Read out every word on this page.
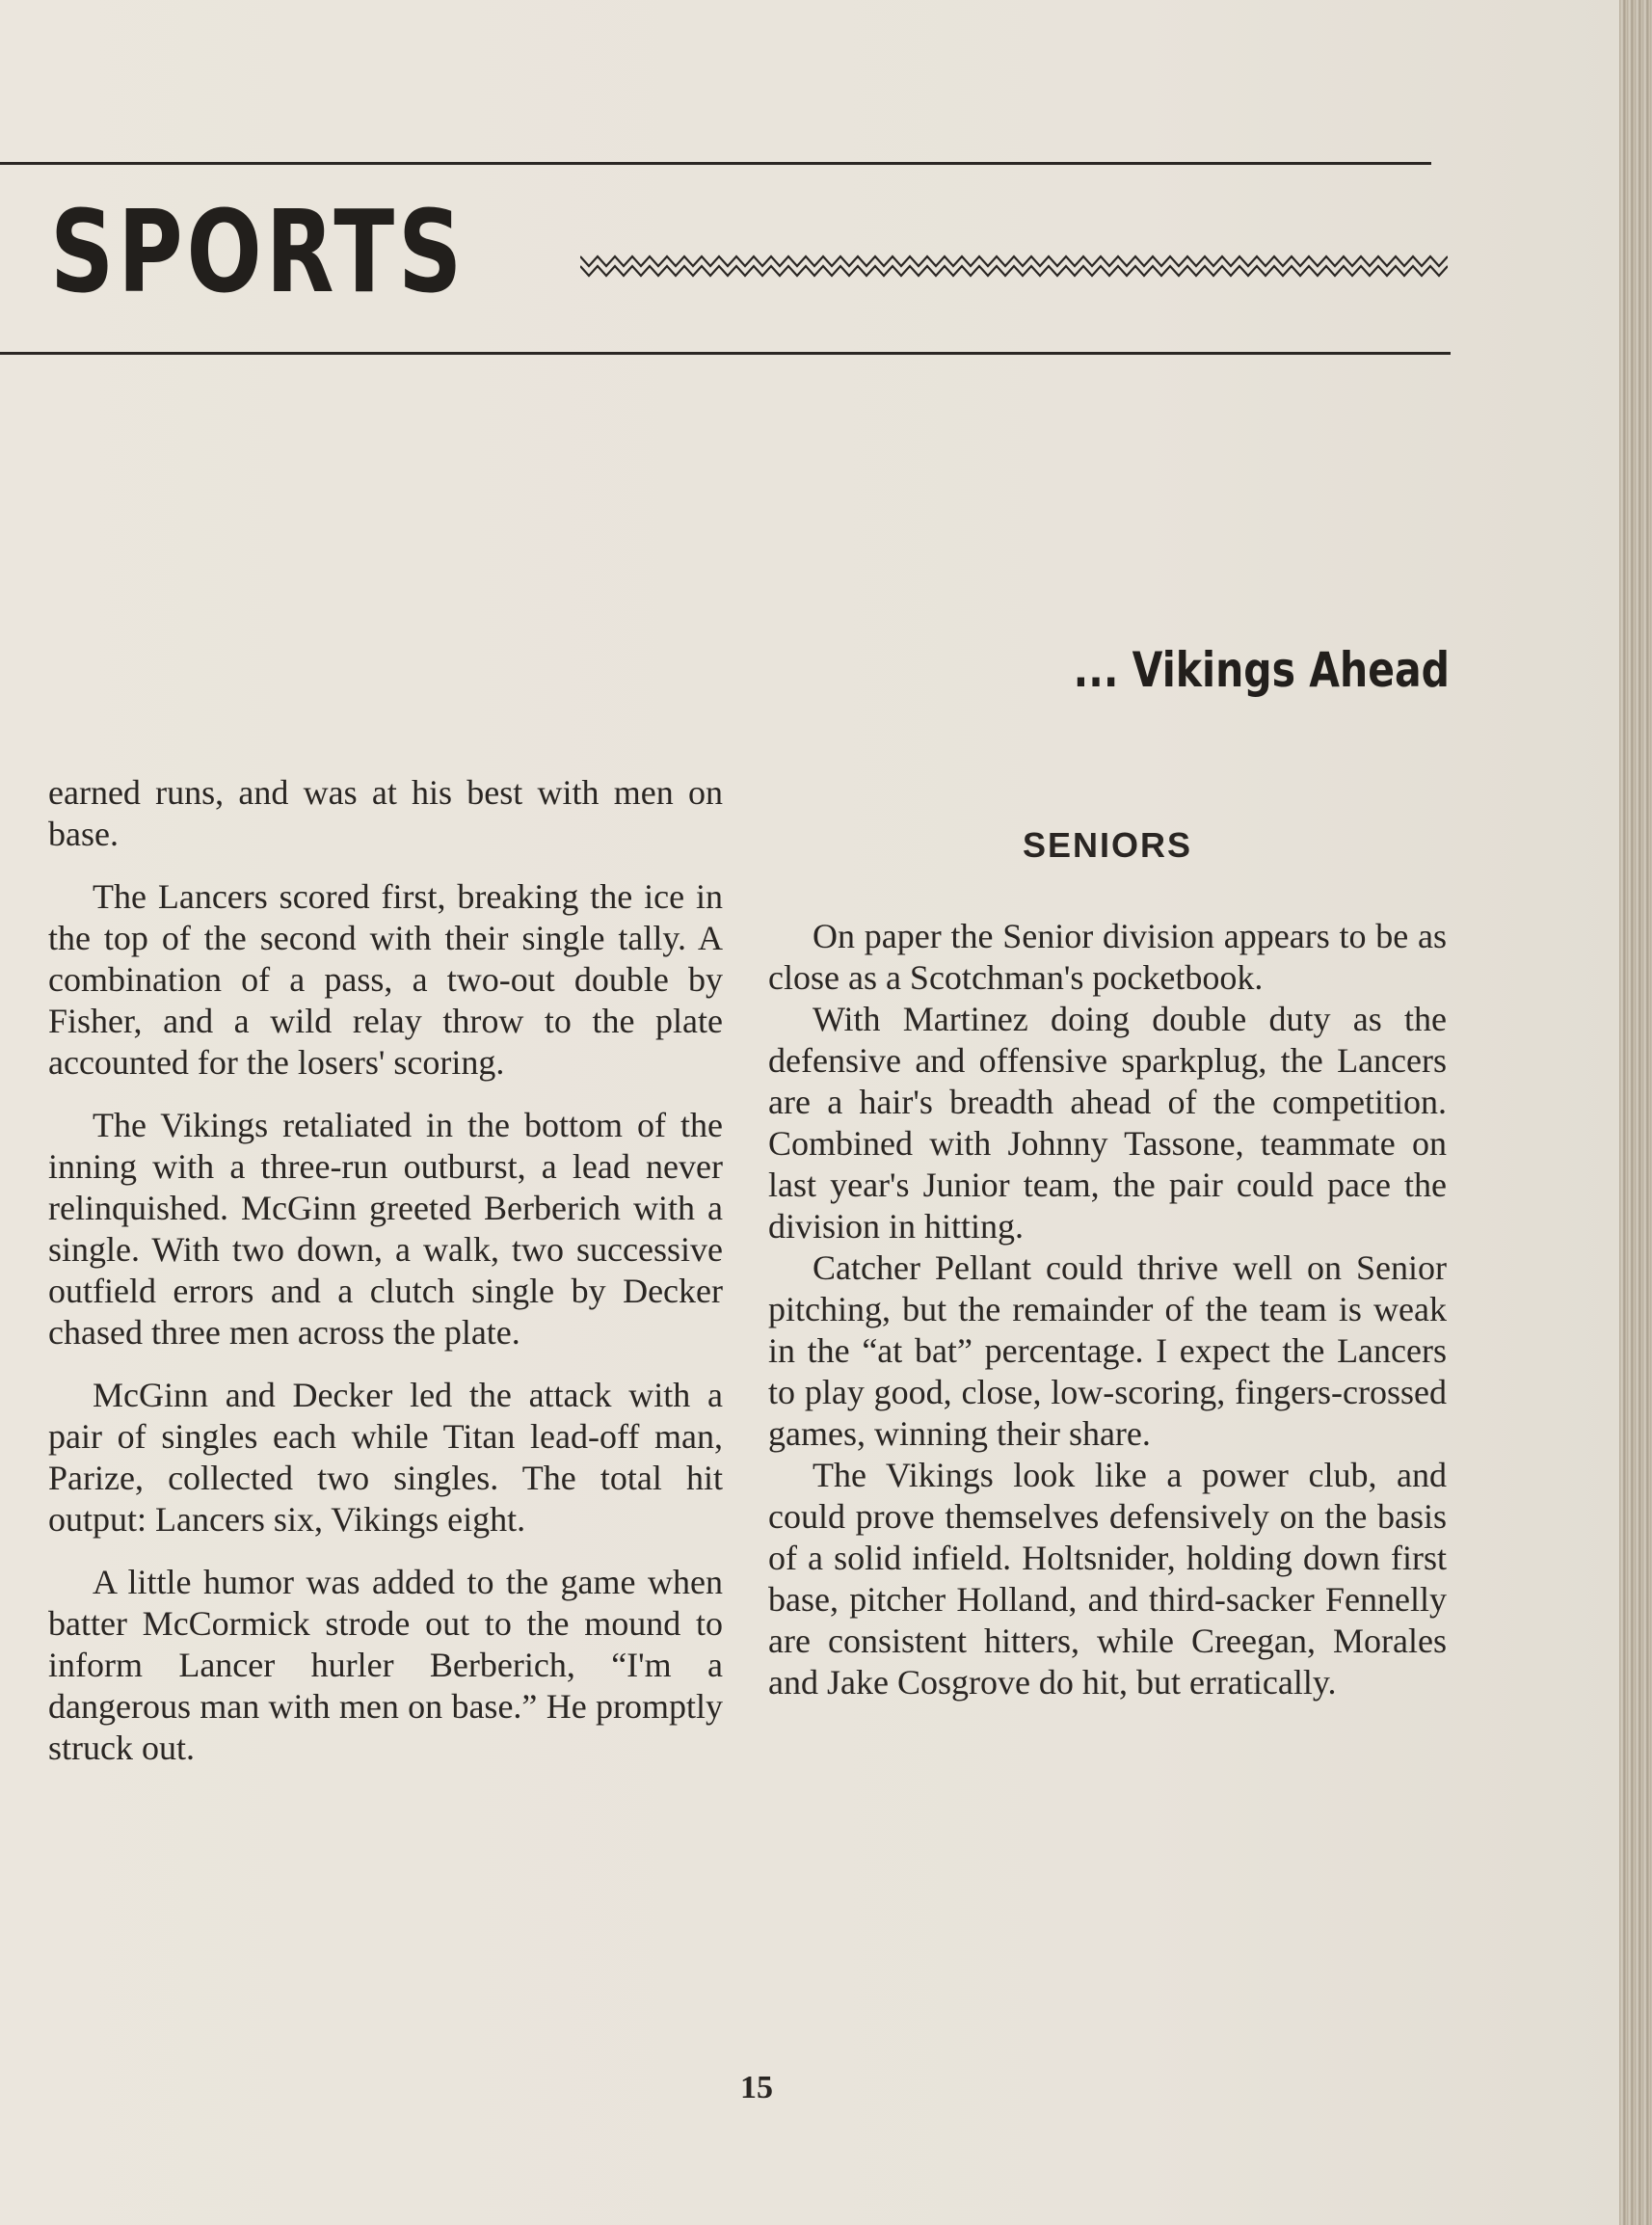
SPORTS
... Vikings Ahead

earned runs, and was at his best with men on base.

The Lancers scored first, breaking the ice in the top of the second with their single tally. A combination of a pass, a two-out double by Fisher, and a wild relay throw to the plate accounted for the losers' scoring.

The Vikings retaliated in the bottom of the inning with a three-run outburst, a lead never relinquished. McGinn greeted Berberich with a single. With two down, a walk, two successive outfield errors and a clutch single by Decker chased three men across the plate.

McGinn and Decker led the attack with a pair of singles each while Titan lead-off man, Parize, collected two singles. The total hit output: Lancers six, Vikings eight.

A little humor was added to the game when batter McCormick strode out to the mound to inform Lancer hurler Berberich, “I'm a dangerous man with men on base.” He promptly struck out.

SENIORS

On paper the Senior division appears to be as close as a Scotchman's pocketbook.

With Martinez doing double duty as the defensive and offensive sparkplug, the Lancers are a hair's breadth ahead of the competition. Combined with Johnny Tassone, teammate on last year's Junior team, the pair could pace the division in hitting.

Catcher Pellant could thrive well on Senior pitching, but the remainder of the team is weak in the “at bat” percentage. I expect the Lancers to play good, close, low-scoring, fingers-crossed games, winning their share.

The Vikings look like a power club, and could prove themselves defensively on the basis of a solid infield. Holtsnider, holding down first base, pitcher Holland, and third-sacker Fennelly are consistent hitters, while Creegan, Morales and Jake Cosgrove do hit, but erratically.

15
